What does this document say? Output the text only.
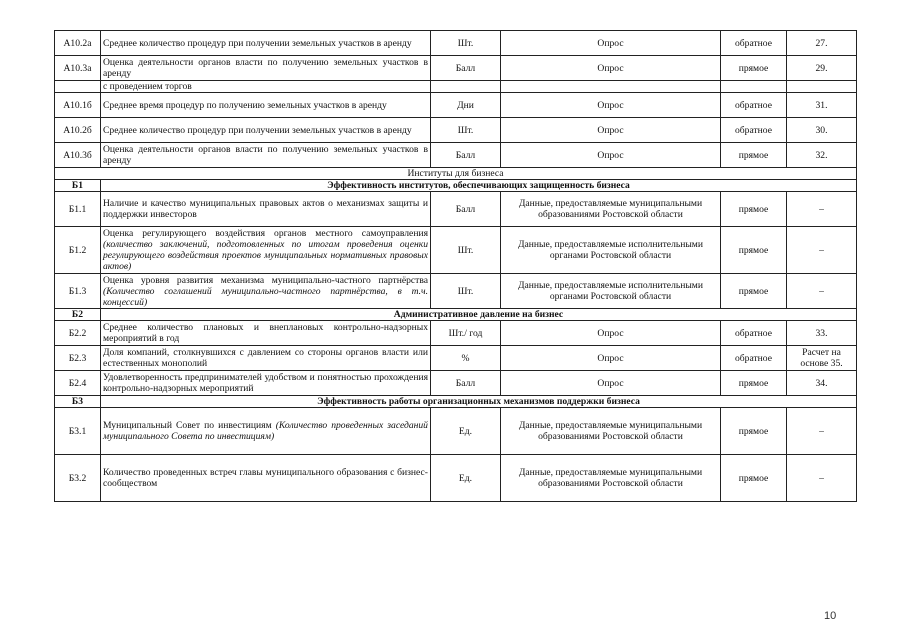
А10.2а	Среднее количество процедур при получении земельных участков в аренду	Шт.	Опрос	обратное	27.
А10.3а	Оценка деятельности органов власти по получению земельных участков в аренду	Балл	Опрос	прямое	29.
	с проведением торгов				
А10.1б	Среднее время процедур по получению земельных участков в аренду	Дни	Опрос	обратное	31.
А10.2б	Среднее количество процедур при получении земельных участков в аренду	Шт.	Опрос	обратное	30.
А10.3б	Оценка деятельности органов власти по получению земельных участков в аренду	Балл	Опрос	прямое	32.
Институты для бизнеса					
Б1	Эффективность институтов, обеспечивающих защищенность бизнеса				
Б1.1	Наличие и качество муниципальных правовых актов о механизмах защиты и поддержки инвесторов	Балл	Данные, предоставляемые муниципальными образованиями Ростовской области	прямое	–
Б1.2	Оценка регулирующего воздействия органов местного самоуправления (количество заключений, подготовленных по итогам проведения оценки регулирующего воздействия проектов муниципальных нормативных правовых актов)	Шт.	Данные, предоставляемые исполнительными органами Ростовской области	прямое	–
Б1.3	Оценка уровня развития механизма муниципально-частного партнёрства (Количество соглашений муниципально-частного партнёрства, в т.ч. концессий)	Шт.	Данные, предоставляемые исполнительными органами Ростовской области	прямое	–
Б2	Административное давление на бизнес				
Б2.2	Среднее количество плановых и внеплановых контрольно-надзорных мероприятий в год	Шт./ год	Опрос	обратное	33.
Б2.3	Доля компаний, столкнувшихся с давлением со стороны органов власти или естественных монополий	%	Опрос	обратное	Расчет на основе 35.
Б2.4	Удовлетворенность предпринимателей удобством и понятностью прохождения контрольно-надзорных мероприятий	Балл	Опрос	прямое	34.
Б3	Эффективность работы организационных механизмов поддержки бизнеса				
Б3.1	Муниципальный Совет по инвестициям (Количество проведенных заседаний муниципального Совета по инвестициям)	Ед.	Данные, предоставляемые муниципальными образованиями Ростовской области	прямое	–
Б3.2	Количество проведенных встреч главы муниципального образования с бизнес-сообществом	Ед.	Данные, предоставляемые муниципальными образованиями Ростовской области	прямое	–
10
